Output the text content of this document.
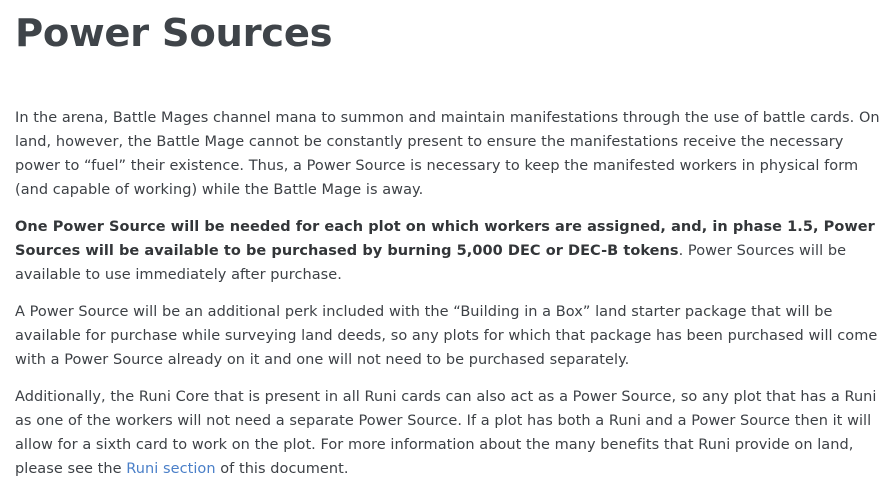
Power Sources

In the arena, Battle Mages channel mana to summon and maintain manifestations through the use of battle cards. On land, however, the Battle Mage cannot be constantly present to ensure the manifestations receive the necessary power to “fuel” their existence. Thus, a Power Source is necessary to keep the manifested workers in physical form (and capable of working) while the Battle Mage is away.

One Power Source will be needed for each plot on which workers are assigned, and, in phase 1.5, Power Sources will be available to be purchased by burning 5,000 DEC or DEC-B tokens. Power Sources will be available to use immediately after purchase.

A Power Source will be an additional perk included with the “Building in a Box” land starter package that will be available for purchase while surveying land deeds, so any plots for which that package has been purchased will come with a Power Source already on it and one will not need to be purchased separately.

Additionally, the Runi Core that is present in all Runi cards can also act as a Power Source, so any plot that has a Runi as one of the workers will not need a separate Power Source. If a plot has both a Runi and a Power Source then it will allow for a sixth card to work on the plot. For more information about the many benefits that Runi provide on land, please see the Runi section of this document.
